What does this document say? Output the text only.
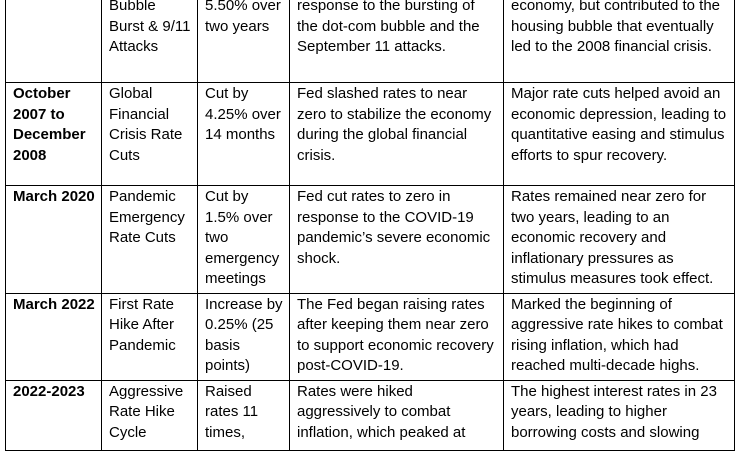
	Bubble Burst & 9/11 Attacks	5.50% over two years	response to the bursting of the dot-com bubble and the September 11 attacks.	economy, but contributed to the housing bubble that eventually led to the 2008 financial crisis.

October 2007 to December 2008	Global Financial Crisis Rate Cuts	Cut by 4.25% over 14 months	Fed slashed rates to near zero to stabilize the economy during the global financial crisis.	Major rate cuts helped avoid an economic depression, leading to quantitative easing and stimulus efforts to spur recovery.

March 2020	Pandemic Emergency Rate Cuts	Cut by 1.5% over two emergency meetings	Fed cut rates to zero in response to the COVID-19 pandemic’s severe economic shock.	Rates remained near zero for two years, leading to an economic recovery and inflationary pressures as stimulus measures took effect.

March 2022	First Rate Hike After Pandemic	Increase by 0.25% (25 basis points)	The Fed began raising rates after keeping them near zero to support economic recovery post-COVID-19.	Marked the beginning of aggressive rate hikes to combat rising inflation, which had reached multi-decade highs.

2022-2023	Aggressive Rate Hike Cycle	Raised rates 11 times,	Rates were hiked aggressively to combat inflation, which peaked at	The highest interest rates in 23 years, leading to higher borrowing costs and slowing
